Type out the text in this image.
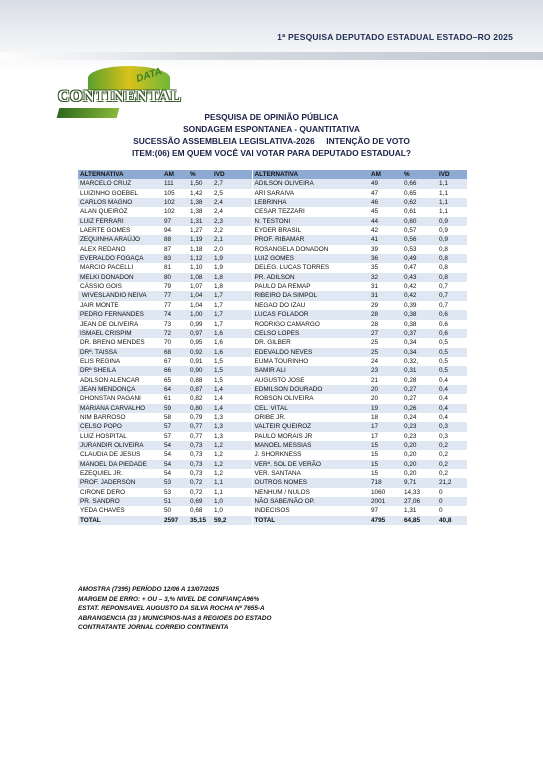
1ª PESQUISA DEPUTADO ESTADUAL ESTADO–RO 2025
DATA
CONTINENTAL
PESQUISA DE OPINIÃO PÚBLICA
SONDAGEM ESPONTANEA - QUANTITATIVA
SUCESSÃO ASSEMBLEIA LEGISLATIVA-2026     INTENÇÃO DE VOTO
ITEM:(06) EM QUEM VOCÊ VAI VOTAR PARA DEPUTADO ESTADUAL?
ALTERNATIVA	AM	%	IVD	ALTERNATIVA	AM	%	IVD
MARCELO CRUZ	111	1,50	2,7	ADILSON OLIVEIRA	49	0,66	1,1
LUIZINHO GOEBEL	105	1,42	2,5	ARI SARAIVA	47	0,65	1,1
CARLOS MAGNO	102	1,38	2,4	LEBRINHA	46	0,62	1,1
ALAN QUEIROZ	102	1,38	2,4	CESAR TEZZARI	45	0,61	1,1
LUIZ FERRARI	97	1,31	2,3	N. TESTONI	44	0,60	0,9
LAERTE GOMES	94	1,27	2,2	EYDER BRASIL	42	0,57	0,9
ZEQUINHA ARAÚJO	88	1,19	2,1	PROF. RIBAMAR	41	0,56	0,9
ALEX REDANO	87	1,18	2,0	ROSANGELA DONADON	39	0,53	0,8
EVERALDO FOGAÇA	83	1,12	1,9	LUIZ GOMES	36	0,49	0,8
MARCIO PACELLI	81	1,10	1,9	DELEG. LUCAS TORRES	35	0,47	0,8
MELKI DONADON	80	1,08	1,8	PR. ADILSON	32	0,43	0,8
CÁSSIO GOIS	79	1,07	1,8	PAULO DA REMAP	31	0,42	0,7
WIVESLANDIO NEIVA	77	1,04	1,7	RIBEIRO DA SIMPOL	31	0,42	0,7
JAIR MONTE	77	1,04	1,7	NEGAO DO IZAU	29	0,39	0,7
PEDRO FERNANDES	74	1,00	1,7	LUCAS FOLADOR	28	0,38	0,6
JEAN DE OLIVEIRA	73	0,99	1,7	RODRIGO CAMARGO	28	0,38	0,6
ISMAEL CRISPIM	72	0,97	1,6	CELSO LOPES	27	0,37	0,6
DR. BRENO MENDES	70	0,95	1,6	DR. GILBER	25	0,34	0,5
DRª. TAISSA	68	0,92	1,6	EDEVALDO NEVES	25	0,34	0,5
ELIS REGINA	67	0,91	1,5	EUMA TOURINHO	24	0,32,	0,5
DRª SHEILA	66	0,90	1,5	SAMIR ALI	23	0,31	0,5
ADILSON ALENCAR	65	0,88	1,5	AUGUSTO JOSE	21	0,28	0,4
JEAN MENDONÇA	64	0,87	1,4	EDMILSON DOURADO	20	0,27	0,4
DHONSTAN PAGANI	61	0,82	1,4	ROBSON OLIVEIRA	20	0,27	0,4
MARIANA CARVALHO	59	0,80	1,4	CEL. VITAL	19	0,26	0,4
NIM BARROSO	58	0,79	1,3	ORIBE JR.	18	0,24	0,4
CELSO POPO	57	0,77	1,3	VALTEIR QUEIROZ	17	0,23	0,3
LUIZ HOSPITAL	57	0,77	1,3	PAULO MORAIS JR	17	0,23	0,3
JURANDIR OLIVEIRA	54	0,73	1,2	MANOEL MESSIAS	15	0,20	0,2
CLAUDIA DE JESUS	54	0,73	1,2	J. SHORKNESS	15	0,20	0,2
MANOEL DA PIEDADE	54	0,73	1,2	VERª. SOL DE VERÃO	15	0,20	0,2
EZEQUIEL JR.	54	0,73	1,2	VER. SANTANA	15	0,20	0,2
PROF. JADERSON	53	0,72	1,1	OUTROS NOMES	718	9,71	21,2
CIRONE DERO	53	0,72	1,1	NENHUM / NULOS	1060	14,33	0
PR. SANDRO	51	0,69	1,0	NÃO SABE/NÃO OP.	2001	27,06	0
YEDA CHAVES	50	0,68	1,0	INDECISOS	97	1,31	0
TOTAL	2597	35,15	59,2	TOTAL	4795	64,85	40,8
AMOSTRA (7395) PERÍODO 12/06 A 13/07/2025
MARGEM DE ERRO: + OU – 3,% NIVEL DE CONFIANÇA96%
ESTAT. REPONSAVEL AUGUSTO DA SILVA ROCHA Nº 7655-A
ABRANGENCIA (33 ) MUNICIPIOS-NAS 8 REGIOES DO ESTADO
CONTRATANTE JORNAL CORREIO CONTINENTA
